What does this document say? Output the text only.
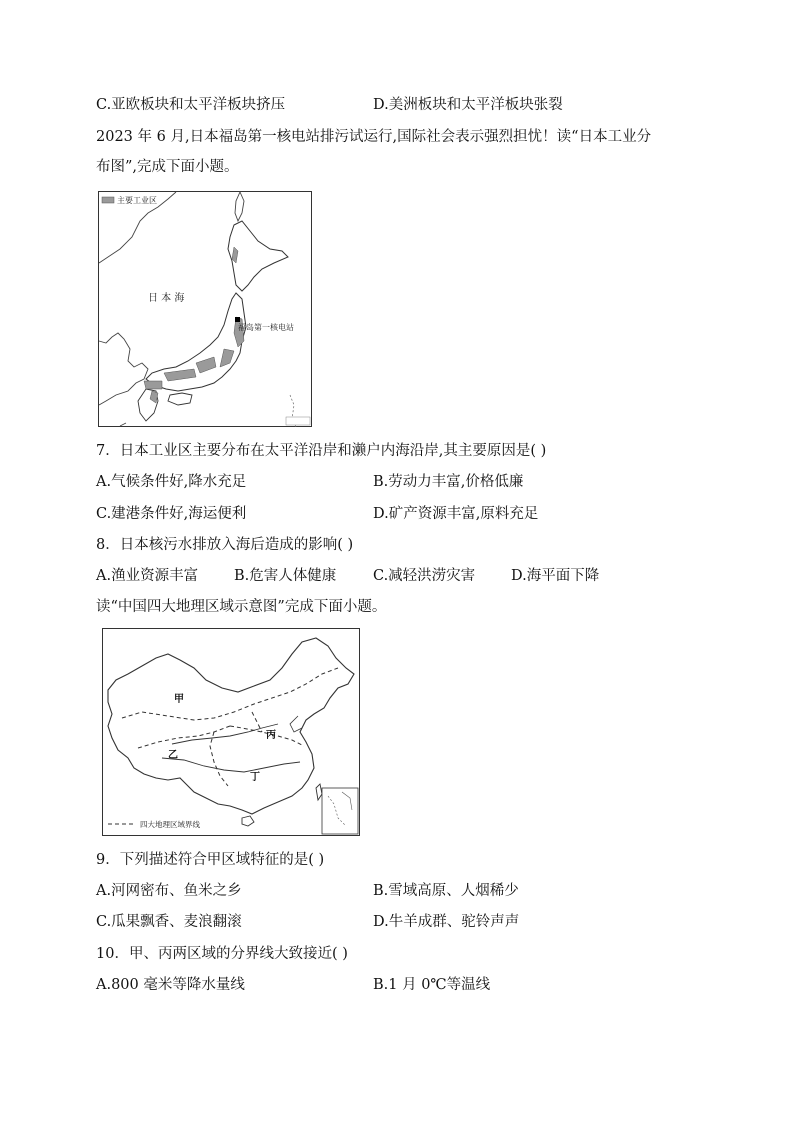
C.亚欧板块和太平洋板块挤压	D.美洲板块和太平洋板块张裂
2023 年 6 月,日本福岛第一核电站排污试运行,国际社会表示强烈担忧！读“日本工业分
布图”,完成下面小题。
主要工业区
日 本 海
福岛第一核电站
7．日本工业区主要分布在太平洋沿岸和濑户内海沿岸,其主要原因是( )
A.气候条件好,降水充足	B.劳动力丰富,价格低廉
C.建港条件好,海运便利	D.矿产资源丰富,原料充足
8．日本核污水排放入海后造成的影响( )
A.渔业资源丰富 B.危害人体健康	C.减轻洪涝灾害 D.海平面下降
读“中国四大地理区域示意图”完成下面小题。
甲
乙
丙
丁
四大地理区域界线
9．下列描述符合甲区域特征的是( )
A.河网密布、鱼米之乡	B.雪域高原、人烟稀少
C.瓜果飘香、麦浪翻滚	D.牛羊成群、驼铃声声
10．甲、丙两区域的分界线大致接近( )
A.800 毫米等降水量线	B.1 月 0℃等温线
